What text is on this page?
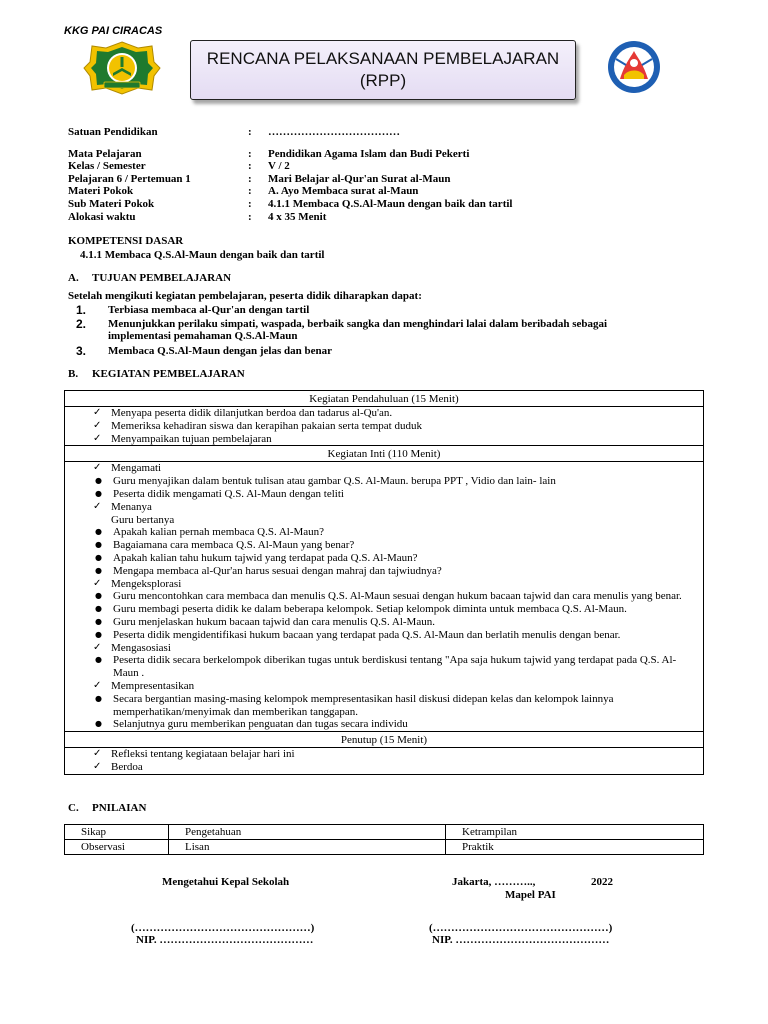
KKG PAI CIRACAS
RENCANA PELAKSANAAN PEMBELAJARAN
(RPP)
Satuan Pendidikan	:	………………………………
Mata Pelajaran	:	Pendidikan Agama Islam dan Budi Pekerti
Kelas / Semester	:	V / 2
Pelajaran 6 / Pertemuan 1	:	Mari Belajar al-Qur'an Surat al-Maun
Materi Pokok	:	A. Ayo Membaca surat al-Maun
Sub Materi Pokok	:	4.1.1 Membaca Q.S.Al-Maun dengan baik dan tartil
Alokasi waktu	:	4 x 35 Menit
KOMPETENSI DASAR
4.1.1 Membaca Q.S.Al-Maun dengan baik dan tartil
A. TUJUAN PEMBELAJARAN
Setelah mengikuti kegiatan pembelajaran, peserta didik diharapkan dapat:
1.	Terbiasa membaca al-Qur'an dengan tartil
2.	Menunjukkan perilaku simpati, waspada, berbaik sangka dan menghindari lalai dalam beribadah sebagai implementasi pemahaman Q.S.Al-Maun
3.	Membaca Q.S.Al-Maun dengan jelas dan benar
B. KEGIATAN PEMBELAJARAN
Kegiatan Pendahuluan (15 Menit)

✓ Menyapa peserta didik dilanjutkan berdoa dan tadarus al-Qu'an.
✓ Memeriksa kehadiran siswa dan kerapihan pakaian serta tempat duduk
✓ Menyampaikan tujuan pembelajaran

Kegiatan Inti (110 Menit)

✓ Mengamati
●	Guru menyajikan dalam bentuk tulisan atau gambar Q.S. Al-Maun. berupa PPT , Vidio dan lain- lain
●	Peserta didik mengamati Q.S. Al-Maun dengan teliti
✓ Menanya
Guru bertanya
●	Apakah kalian pernah membaca Q.S. Al-Maun?
●	Bagaiamana cara membaca Q.S. Al-Maun yang benar?
●	Apakah kalian tahu hukum tajwid yang terdapat pada Q.S. Al-Maun?
●	Mengapa membaca al-Qur'an harus sesuai dengan mahraj dan tajwiudnya?
✓ Mengeksplorasi
●	Guru mencontohkan cara membaca dan menulis Q.S. Al-Maun sesuai dengan hukum bacaan tajwid dan cara menulis yang benar.
●	Guru membagi peserta didik ke dalam beberapa kelompok. Setiap kelompok diminta untuk membaca Q.S. Al-Maun.
●	Guru menjelaskan hukum bacaan tajwid dan cara menulis Q.S. Al-Maun.
●	Peserta didik mengidentifikasi hukum bacaan yang terdapat pada Q.S. Al-Maun dan berlatih menulis dengan benar.
✓ Mengasosiasi
●	Peserta didik secara berkelompok diberikan tugas untuk berdiskusi tentang "Apa saja hukum tajwid yang terdapat pada Q.S. Al-Maun .
✓ Mempresentasikan
●	Secara bergantian masing-masing kelompok mempresentasikan hasil diskusi didepan kelas dan kelompok lainnya memperhatikan/menyimak dan memberikan tanggapan.
●	Selanjutnya guru memberikan penguatan dan tugas secara individu

Penutup (15 Menit)

✓ Refleksi tentang kegiataan belajar hari ini
✓ Berdoa
C. PNILAIAN
Sikap	Pengetahuan	Ketrampilan
Observasi	Lisan	Praktik
Mengetahui Kepal Sekolah	Jakarta, ………..,	2022
Mapel PAI
(…………………………………………)
NIP. ……………………………………
(…………………………………………)
NIP. ……………………………………
